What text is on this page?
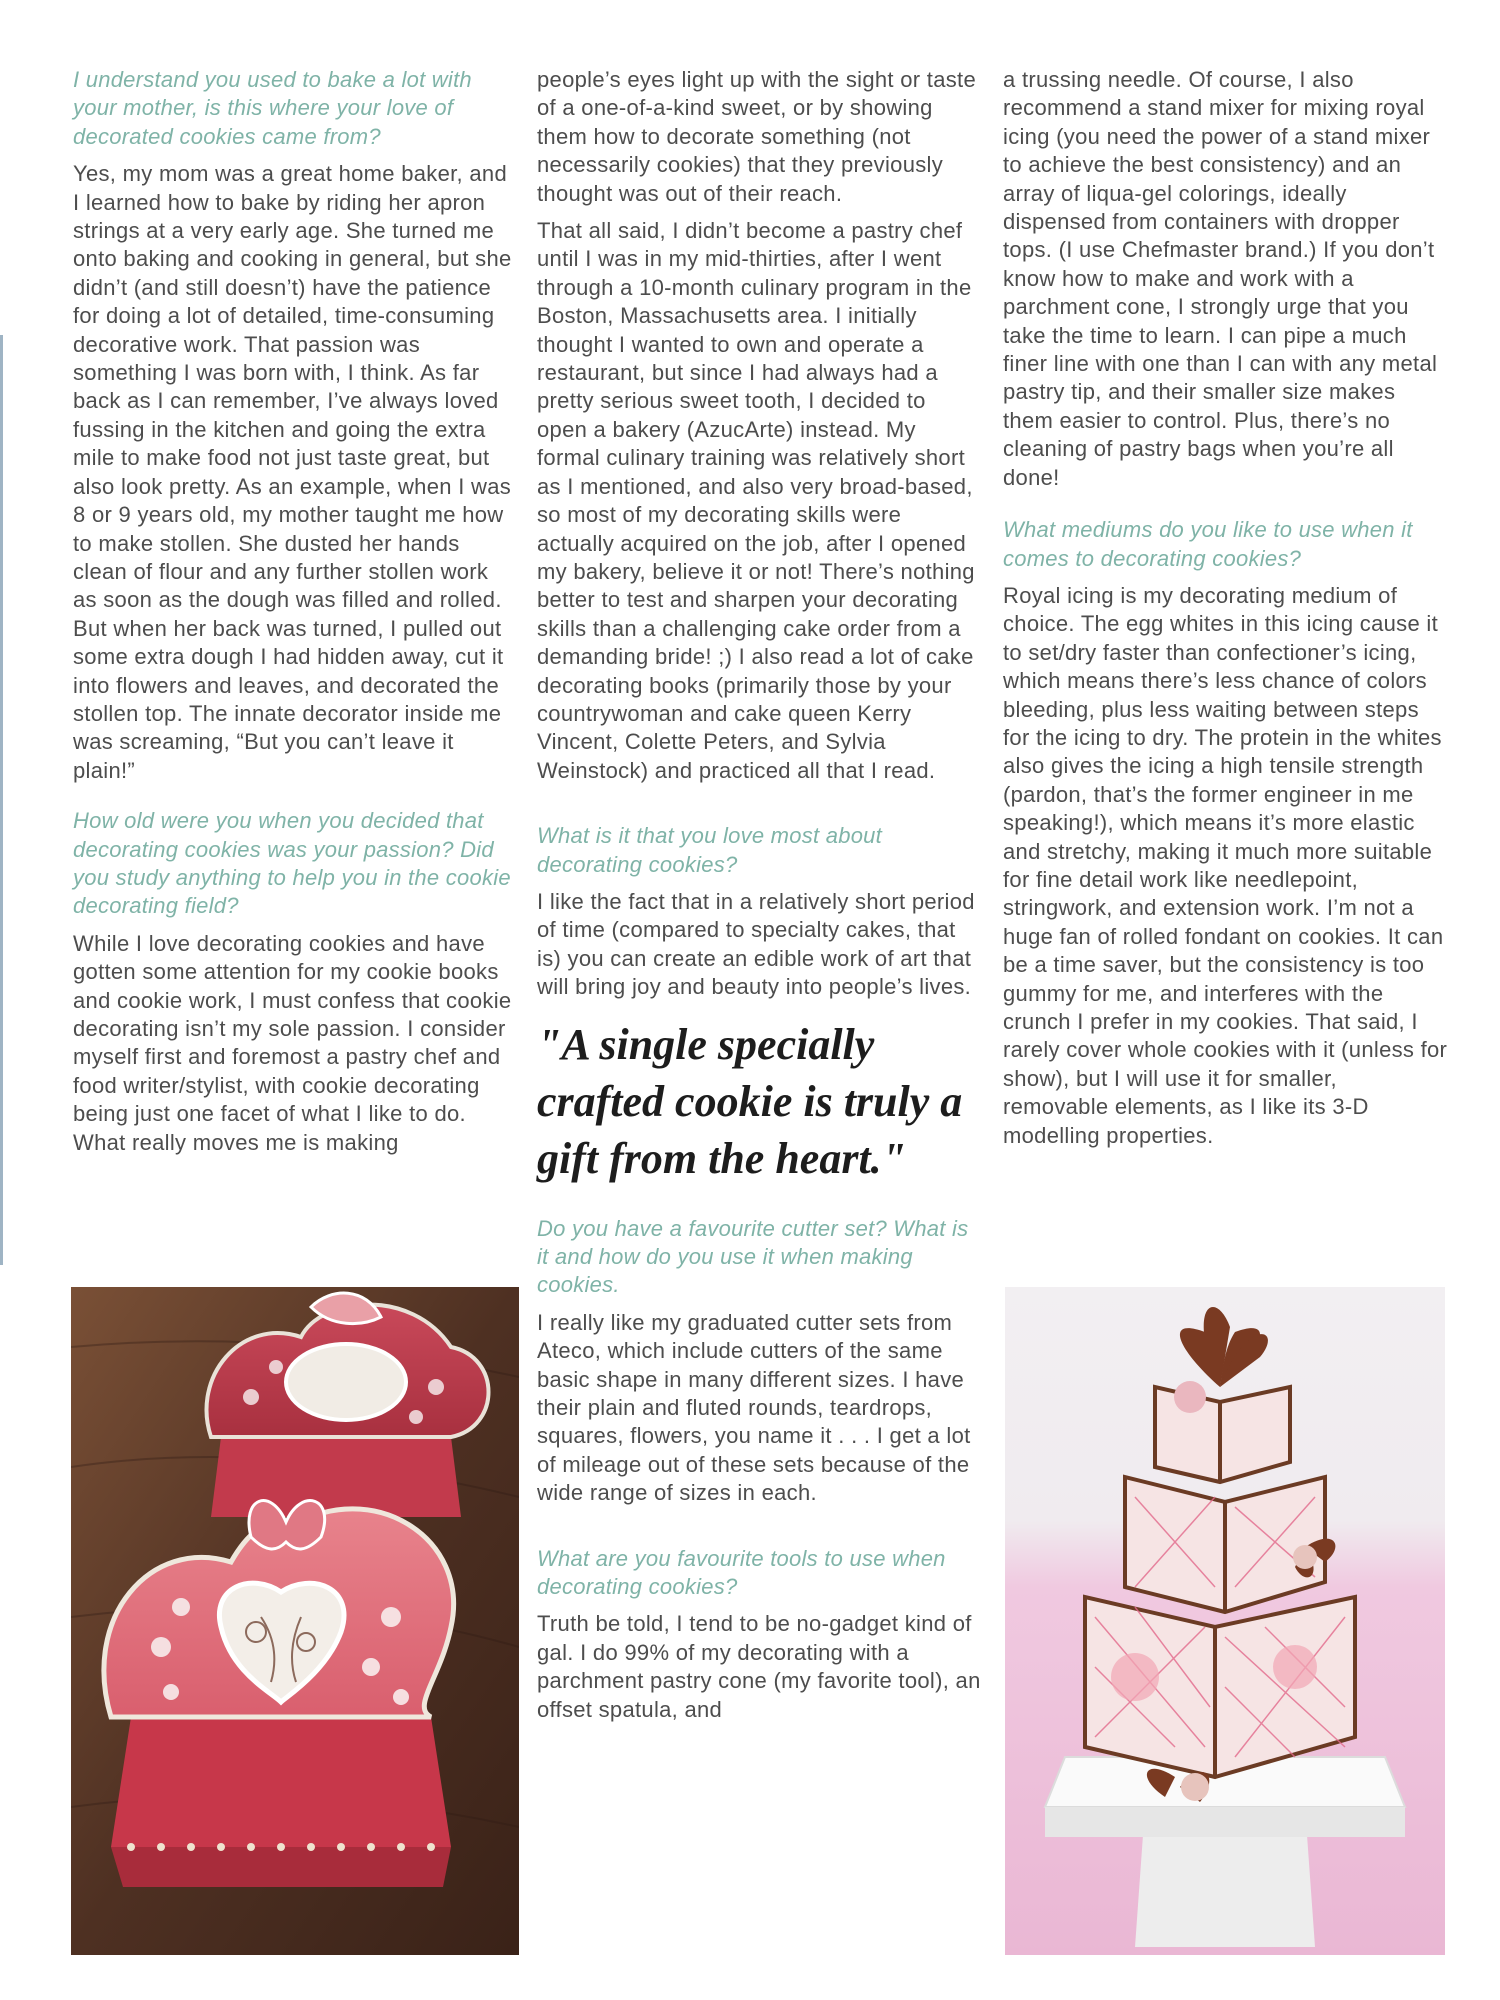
I understand you used to bake a lot with your mother, is this where your love of decorated cookies came from?

Yes, my mom was a great home baker, and I learned how to bake by riding her apron strings at a very early age. She turned me onto baking and cooking in general, but she didn’t (and still doesn’t) have the patience for doing a lot of detailed, time-consuming decorative work. That passion was something I was born with, I think. As far back as I can remember, I’ve always loved fussing in the kitchen and going the extra mile to make food not just taste great, but also look pretty. As an example, when I was 8 or 9 years old, my mother taught me how to make stollen. She dusted her hands clean of flour and any further stollen work as soon as the dough was filled and rolled. But when her back was turned, I pulled out some extra dough I had hidden away, cut it into flowers and leaves, and decorated the stollen top. The innate decorator inside me was screaming, “But you can’t leave it plain!”

How old were you when you decided that decorating cookies was your passion? Did you study anything to help you in the cookie decorating field?

While I love decorating cookies and have gotten some attention for my cookie books and cookie work, I must confess that cookie decorating isn’t my sole passion. I consider myself first and foremost a pastry chef and food writer/stylist, with cookie decorating being just one facet of what I like to do. What really moves me is making

people’s eyes light up with the sight or taste of a one-of-a-kind sweet, or by showing them how to decorate something (not necessarily cookies) that they previously thought was out of their reach.

That all said, I didn’t become a pastry chef until I was in my mid-thirties, after I went through a 10-month culinary program in the Boston, Massachusetts area. I initially thought I wanted to own and operate a restaurant, but since I had always had a pretty serious sweet tooth, I decided to open a bakery (AzucArte) instead. My formal culinary training was relatively short as I mentioned, and also very broad-based, so most of my decorating skills were actually acquired on the job, after I opened my bakery, believe it or not! There’s nothing better to test and sharpen your decorating skills than a challenging cake order from a demanding bride! ;) I also read a lot of cake decorating books (primarily those by your countrywoman and cake queen Kerry Vincent, Colette Peters, and Sylvia Weinstock) and practiced all that I read.

What is it that you love most about decorating cookies?

I like the fact that in a relatively short period of time (compared to specialty cakes, that is) you can create an edible work of art that will bring joy and beauty into people’s lives.

"A single specially crafted cookie is truly a gift from the heart."

Do you have a favourite cutter set? What is it and how do you use it when making cookies.

I really like my graduated cutter sets from Ateco, which include cutters of the same basic shape in many different sizes. I have their plain and fluted rounds, teardrops, squares, flowers, you name it . . . I get a lot of mileage out of these sets because of the wide range of sizes in each.

What are you favourite tools to use when decorating cookies?

Truth be told, I tend to be no-gadget kind of gal. I do 99% of my decorating with a parchment pastry cone (my favorite tool), an offset spatula, and

a trussing needle. Of course, I also recommend a stand mixer for mixing royal icing (you need the power of a stand mixer to achieve the best consistency) and an array of liqua-gel colorings, ideally dispensed from containers with dropper tops. (I use Chefmaster brand.) If you don’t know how to make and work with a parchment cone, I strongly urge that you take the time to learn. I can pipe a much finer line with one than I can with any metal pastry tip, and their smaller size makes them easier to control. Plus, there’s no cleaning of pastry bags when you’re all done!

What mediums do you like to use when it comes to decorating cookies?

Royal icing is my decorating medium of choice. The egg whites in this icing cause it to set/dry faster than confectioner’s icing, which means there’s less chance of colors bleeding, plus less waiting between steps for the icing to dry. The protein in the whites also gives the icing a high tensile strength (pardon, that’s the former engineer in me speaking!), which means it’s more elastic and stretchy, making it much more suitable for fine detail work like needlepoint, stringwork, and extension work. I’m not a huge fan of rolled fondant on cookies. It can be a time saver, but the consistency is too gummy for me, and interferes with the crunch I prefer in my cookies. That said, I rarely cover whole cookies with it (unless for show), but I will use it for smaller, removable elements, as I like its 3-D modelling properties.
